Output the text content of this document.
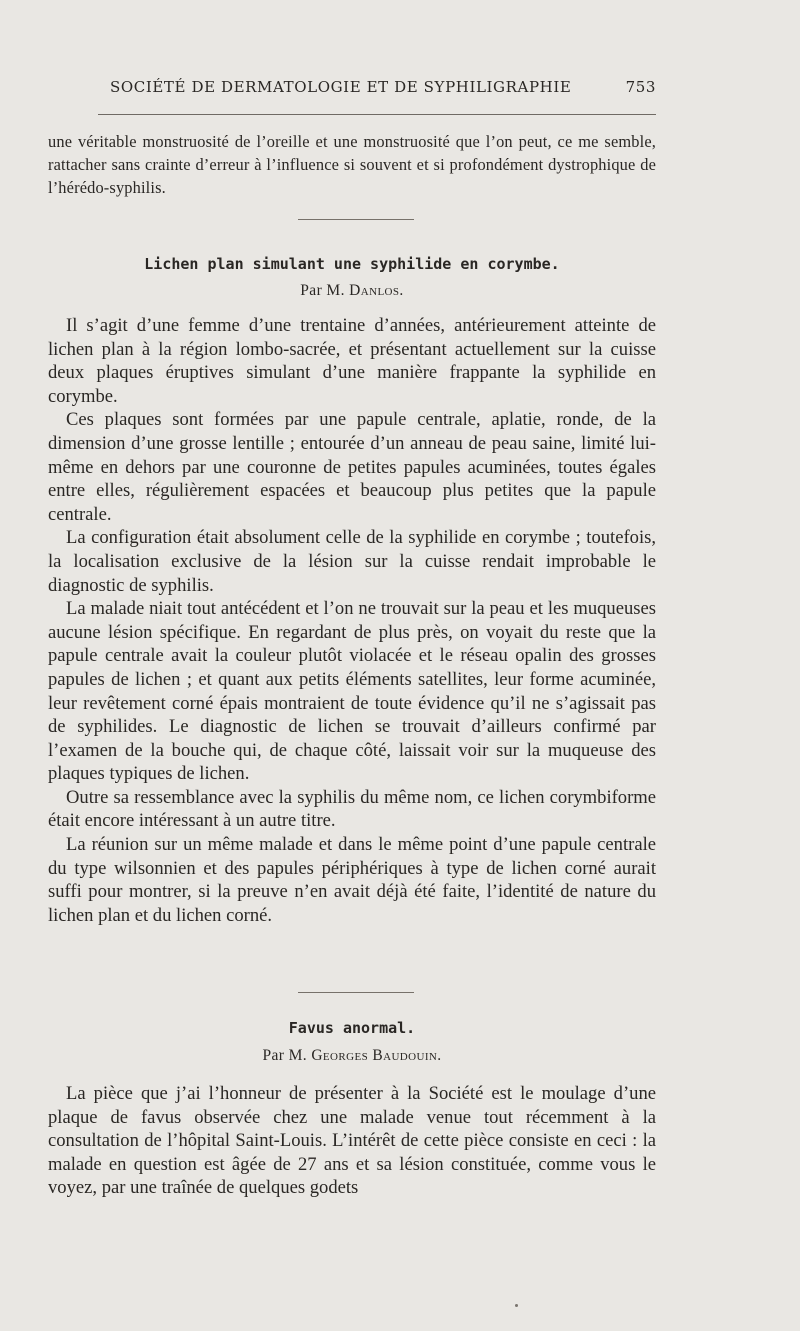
SOCIÉTÉ DE DERMATOLOGIE ET DE SYPHILIGRAPHIE	753

une véritable monstruosité de l’oreille et une monstruosité que l’on peut, ce me semble, rattacher sans crainte d’erreur à l’influence si souvent et si profondément dystrophique de l’hérédo-syphilis.

Lichen plan simulant une syphilide en corymbe.
Par M. Danlos.

Il s’agit d’une femme d’une trentaine d’années, antérieurement atteinte de lichen plan à la région lombo-sacrée, et présentant actuellement sur la cuisse deux plaques éruptives simulant d’une manière frappante la syphilide en corymbe.

Ces plaques sont formées par une papule centrale, aplatie, ronde, de la dimension d’une grosse lentille ; entourée d’un anneau de peau saine, limité lui-même en dehors par une couronne de petites papules acuminées, toutes égales entre elles, régulièrement espacées et beaucoup plus petites que la papule centrale.

La configuration était absolument celle de la syphilide en corymbe ; toutefois, la localisation exclusive de la lésion sur la cuisse rendait improbable le diagnostic de syphilis.

La malade niait tout antécédent et l’on ne trouvait sur la peau et les muqueuses aucune lésion spécifique. En regardant de plus près, on voyait du reste que la papule centrale avait la couleur plutôt violacée et le réseau opalin des grosses papules de lichen ; et quant aux petits éléments satellites, leur forme acuminée, leur revêtement corné épais montraient de toute évidence qu’il ne s’agissait pas de syphilides. Le diagnostic de lichen se trouvait d’ailleurs confirmé par l’examen de la bouche qui, de chaque côté, laissait voir sur la muqueuse des plaques typiques de lichen.

Outre sa ressemblance avec la syphilis du même nom, ce lichen corymbiforme était encore intéressant à un autre titre.

La réunion sur un même malade et dans le même point d’une papule centrale du type wilsonnien et des papules périphériques à type de lichen corné aurait suffi pour montrer, si la preuve n’en avait déjà été faite, l’identité de nature du lichen plan et du lichen corné.

Favus anormal.
Par M. Georges Baudouin.

La pièce que j’ai l’honneur de présenter à la Société est le moulage d’une plaque de favus observée chez une malade venue tout récemment à la consultation de l’hôpital Saint-Louis. L’intérêt de cette pièce consiste en ceci : la malade en question est âgée de 27 ans et sa lésion constituée, comme vous le voyez, par une traînée de quelques godets
